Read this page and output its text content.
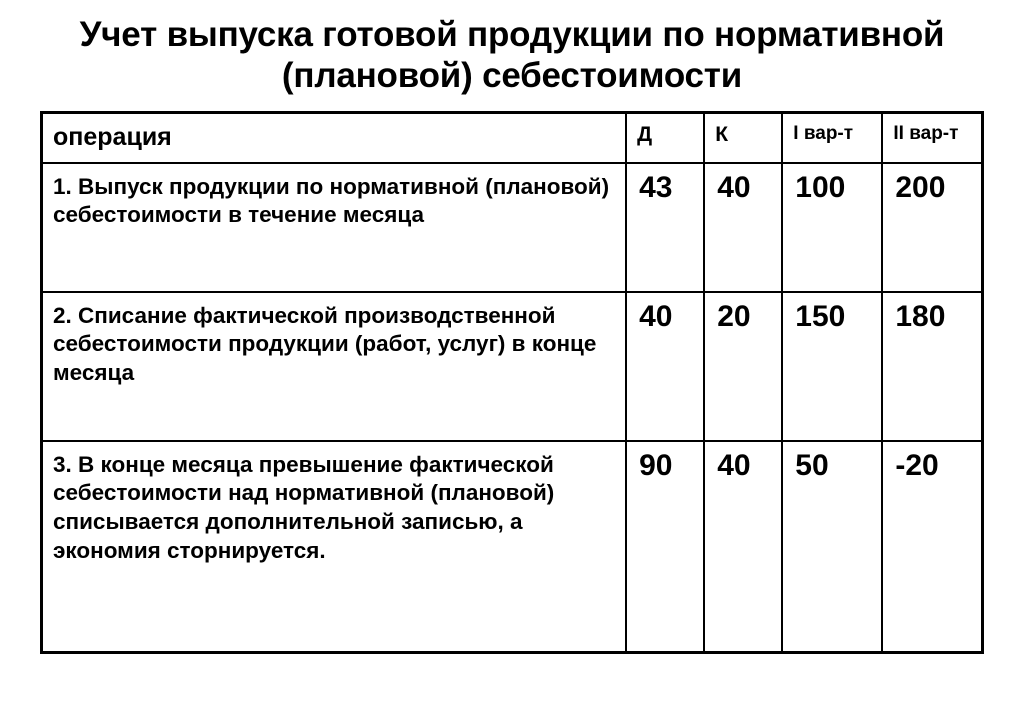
Учет выпуска готовой продукции по нормативной (плановой) себестоимости
операция	Д	К	I вар-т	II вар-т
1. Выпуск продукции по нормативной (плановой) себестоимости в течение месяца	43	40	100	200
2. Списание фактической производственной себестоимости продукции (работ, услуг) в конце месяца	40	20	150	180
3. В конце месяца превышение фактической себестоимости над нормативной (плановой) списывается дополнительной записью, а экономия сторнируется.	90	40	50	-20
